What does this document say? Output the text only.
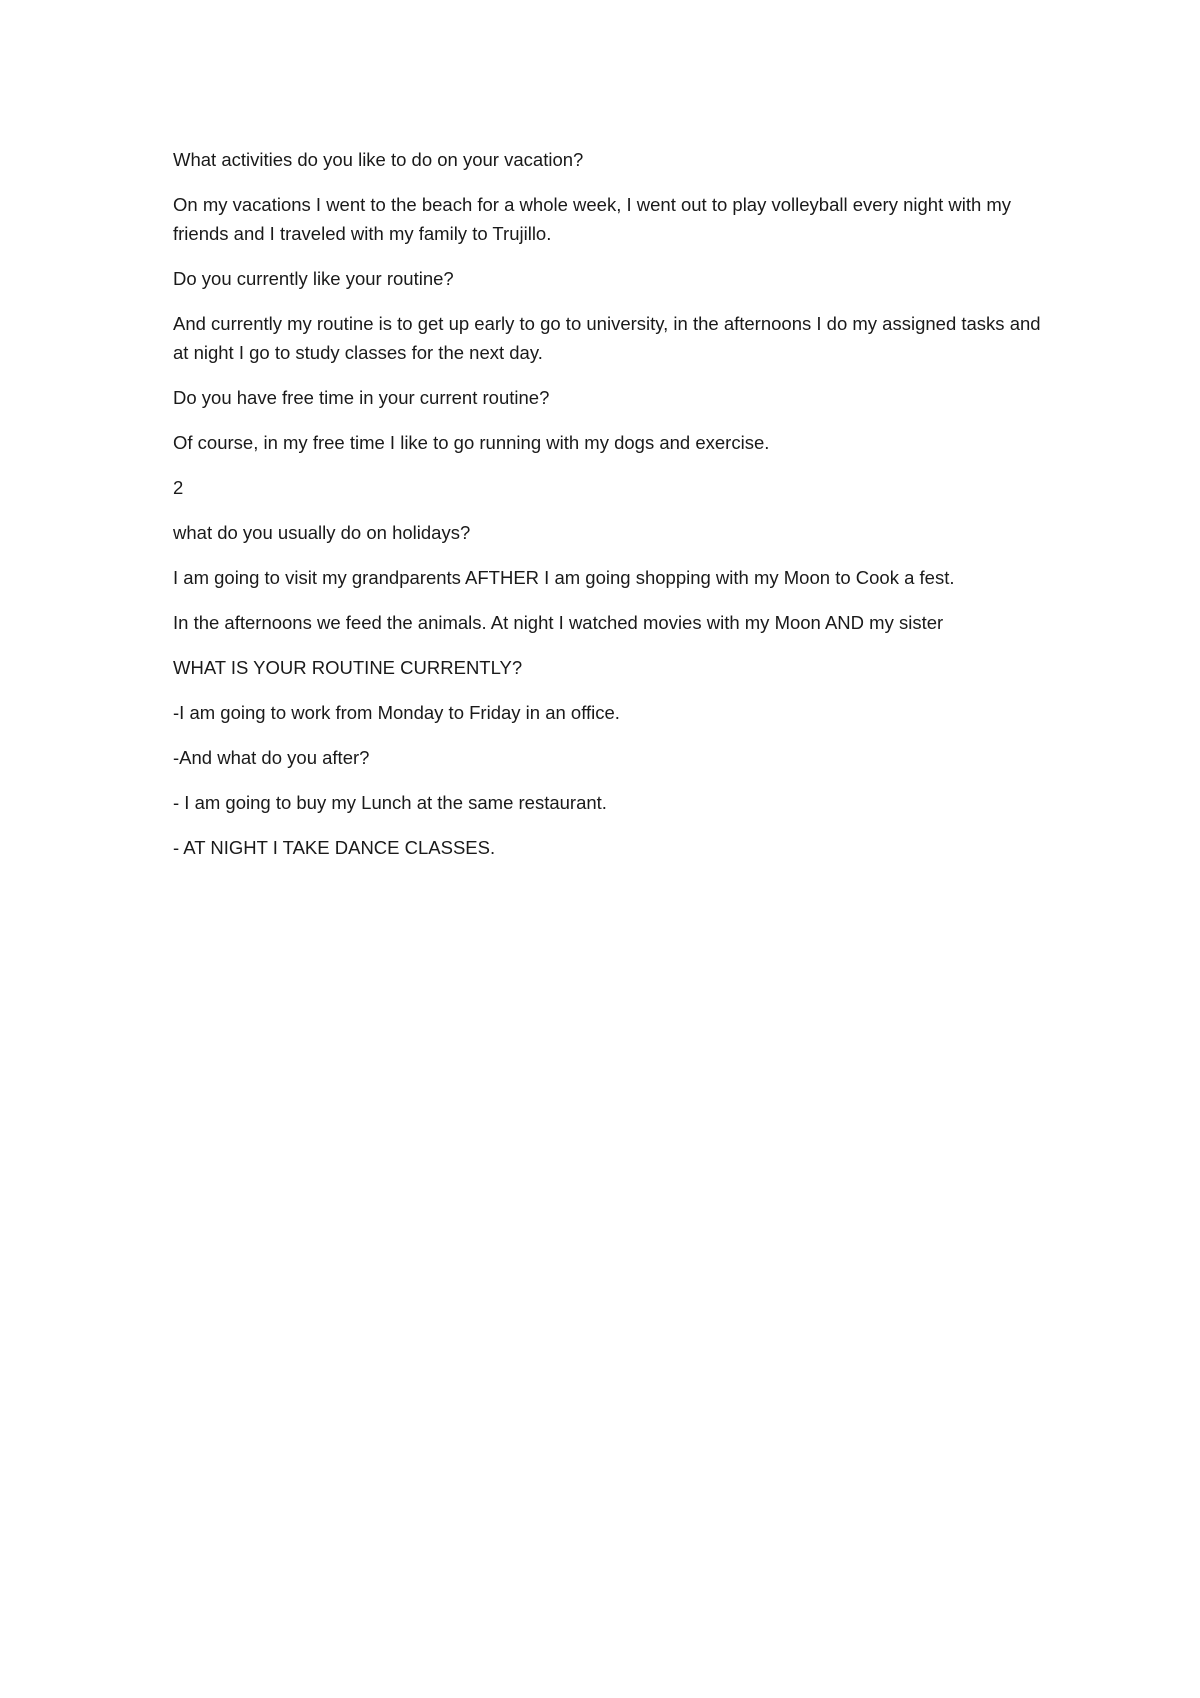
What activities do you like to do on your vacation?

On my vacations I went to the beach for a whole week, I went out to play volleyball every night with my friends and I traveled with my family to Trujillo.

Do you currently like your routine?

And currently my routine is to get up early to go to university, in the afternoons I do my assigned tasks and at night I go to study classes for the next day.

Do you have free time in your current routine?

Of course, in my free time I like to go running with my dogs and exercise.

2

what do you usually do on holidays?

I am going to visit my grandparents AFTHER I am going shopping with my Moon to Cook a fest.

In the afternoons we feed the animals. At night I watched movies with my Moon AND my sister

WHAT IS YOUR ROUTINE CURRENTLY?

-I am going to work from Monday to Friday in an office.

-And what do you after?

- I am going to buy my Lunch at the same restaurant.

- AT NIGHT I TAKE DANCE CLASSES.
